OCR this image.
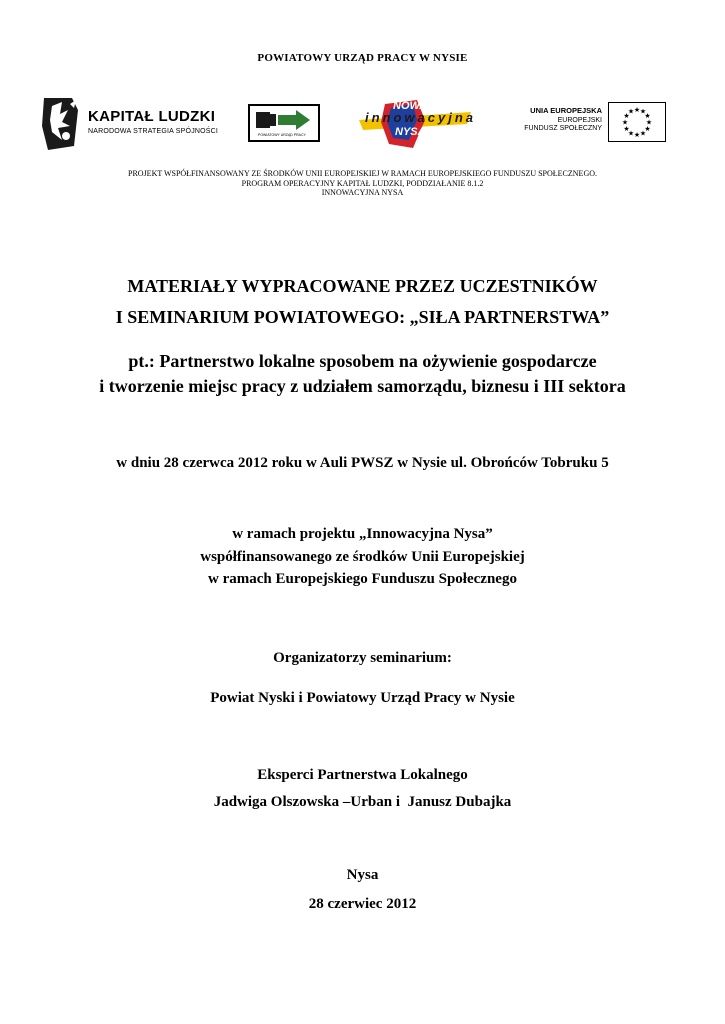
POWIATOWY URZĄD PRACY W NYSIE
KAPITAŁ LUDZKI
NARODOWA STRATEGIA SPÓJNOŚCI	POWIATOWY URZĄD PRACY
NOWA
innowacyjna
NYSA
UNIA EUROPEJSKA
EUROPEJSKI
FUNDUSZ SPOŁECZNY
★ ★
★
★
★
★
★
★
★
★
★
★
PROJEKT WSPÓŁFINANSOWANY ZE ŚRODKÓW UNII EUROPEJSKIEJ W RAMACH EUROPEJSKIEGO FUNDUSZU SPOŁECZNEGO.
PROGRAM OPERACYJNY KAPITAŁ LUDZKI, PODDZIAŁANIE 8.1.2
INNOWACYJNA NYSA
MATERIAŁY WYPRACOWANE PRZEZ UCZESTNIKÓW
I SEMINARIUM POWIATOWEGO: „SIŁA PARTNERSTWA”
pt.: Partnerstwo lokalne sposobem na ożywienie gospodarcze
i tworzenie miejsc pracy z udziałem samorządu, biznesu i III sektora
w dniu 28 czerwca 2012 roku w Auli PWSZ w Nysie ul. Obrońców Tobruku 5
w ramach projektu „Innowacyjna Nysa”
współfinansowanego ze środków Unii Europejskiej
w ramach Europejskiego Funduszu Społecznego
Organizatorzy seminarium:
Powiat Nyski i Powiatowy Urząd Pracy w Nysie
Eksperci Partnerstwa Lokalnego
Jadwiga Olszowska –Urban i  Janusz Dubajka
Nysa
28 czerwiec 2012
